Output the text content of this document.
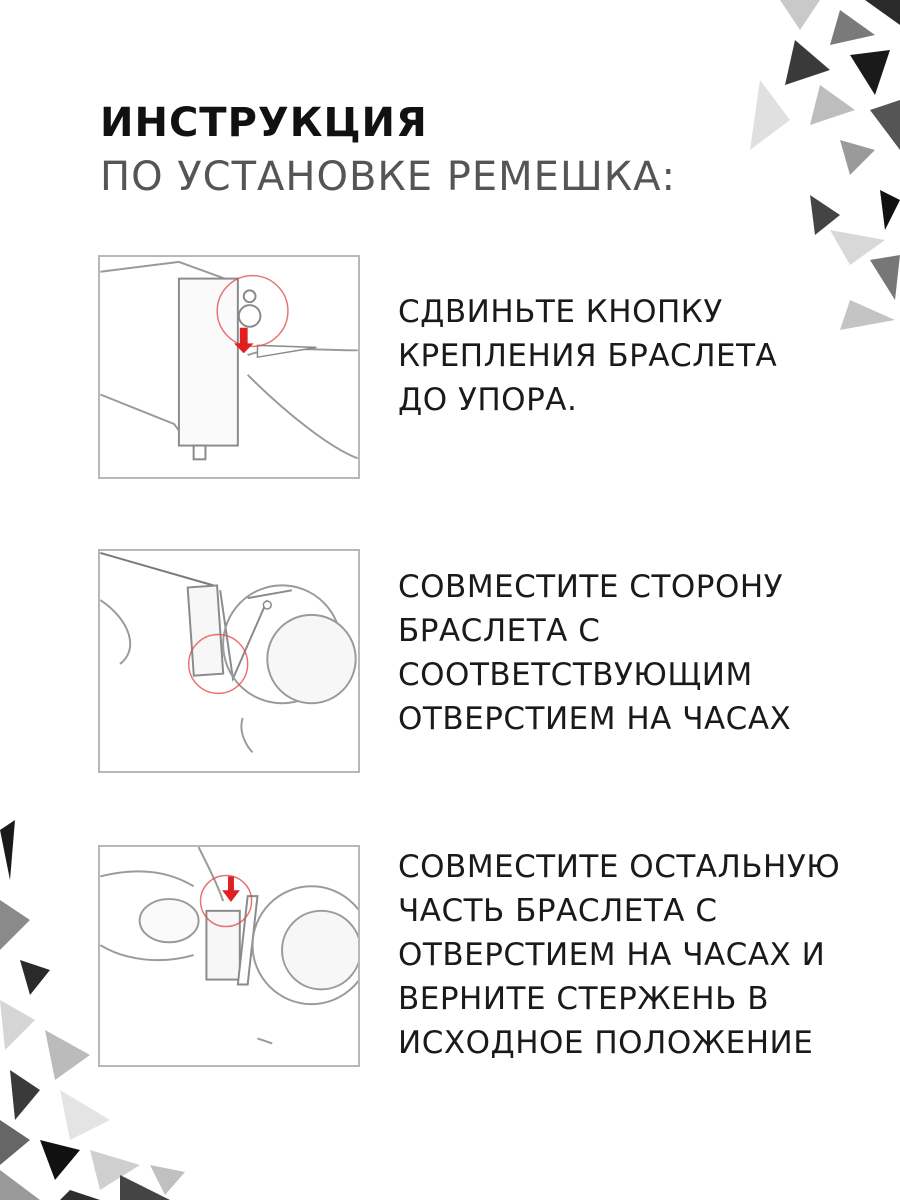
ИНСТРУКЦИЯ
ПО УСТАНОВКЕ РЕМЕШКА:
СДВИНЬТЕ КНОПКУ
КРЕПЛЕНИЯ БРАСЛЕТА
ДО УПОРА.
СОВМЕСТИТЕ СТОРОНУ
БРАСЛЕТА С
СООТВЕТСТВУЮЩИМ
ОТВЕРСТИЕМ НА ЧАСАХ
СОВМЕСТИТЕ ОСТАЛЬНУЮ
ЧАСТЬ БРАСЛЕТА С
ОТВЕРСТИЕМ НА ЧАСАХ И
ВЕРНИТЕ СТЕРЖЕНЬ В
ИСХОДНОЕ ПОЛОЖЕНИЕ
